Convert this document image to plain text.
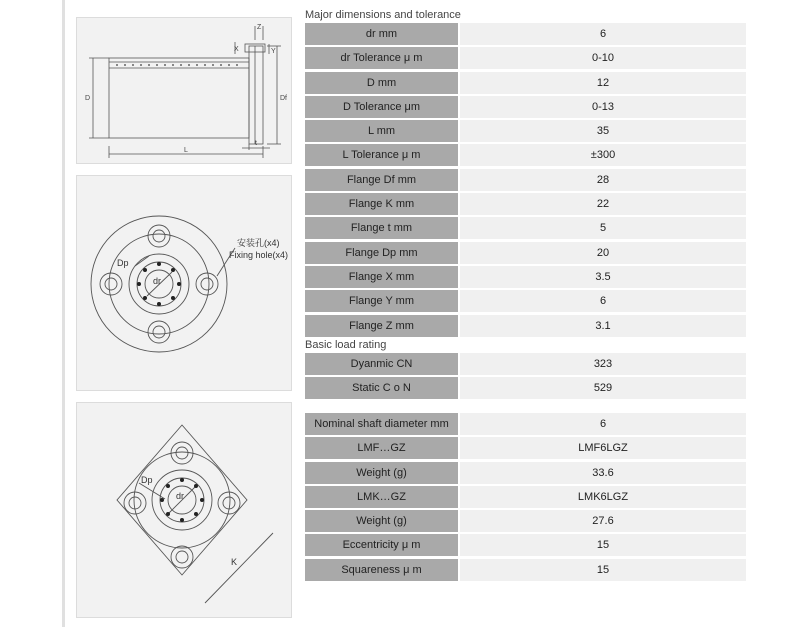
Z
X	Y
D	Df
L
t
Dp
dr
安装孔(x4)
Fixing hole(x4)
Dp
dr
K
Major dimensions and tolerance
dr mm	6
dr Tolerance μ m	0-10
D mm	12
D Tolerance μm	0-13
L mm	35
L Tolerance μ m	±300
Flange Df mm	28
Flange K mm	22
Flange t mm	5
Flange Dp mm	20
Flange X mm	3.5
Flange Y mm	6
Flange Z mm	3.1
Basic load rating
Dyanmic CN	323
Static C o N	529
Nominal shaft diameter mm	6
LMF…GZ	LMF6LGZ
Weight (g)	33.6
LMK…GZ	LMK6LGZ
Weight (g)	27.6
Eccentricity μ m	15
Squareness μ m	15
